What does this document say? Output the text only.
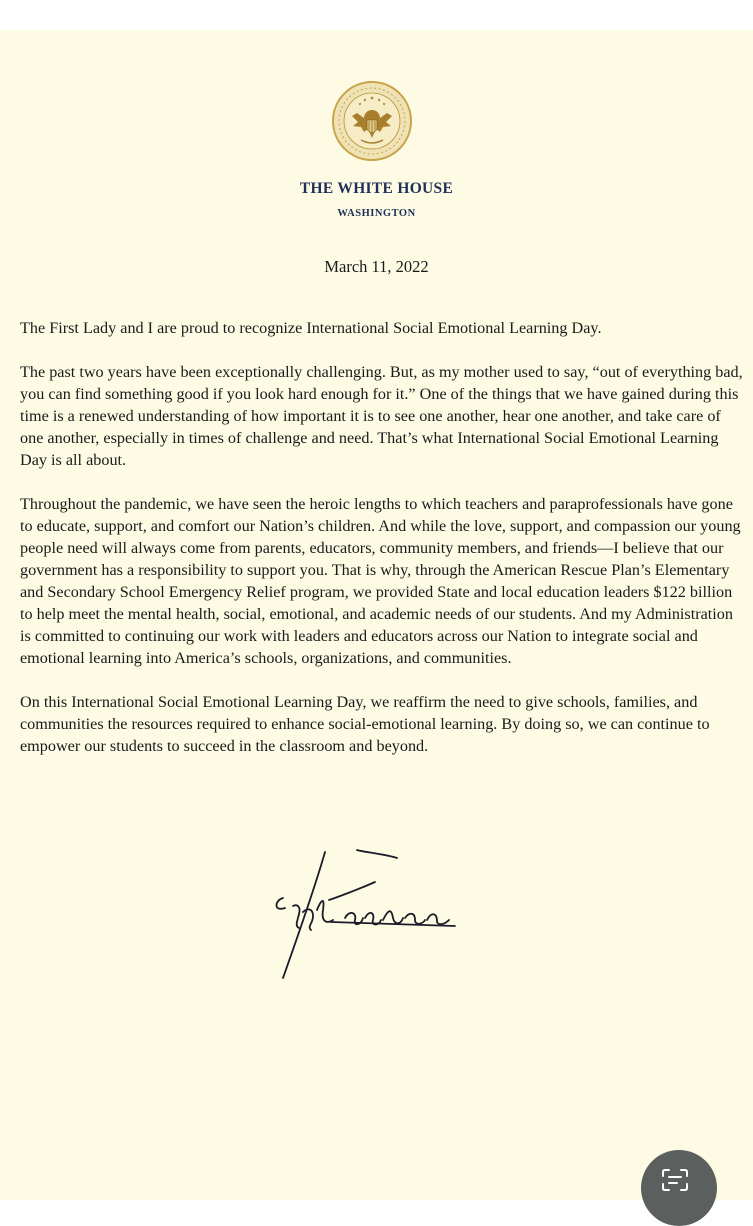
THE WHITE HOUSE
WASHINGTON
March 11, 2022

The First Lady and I are proud to recognize International Social Emotional Learning Day.

The past two years have been exceptionally challenging. But, as my mother used to say, “out of everything bad, you can find something good if you look hard enough for it.” One of the things that we have gained during this time is a renewed understanding of how important it is to see one another, hear one another, and take care of one another, especially in times of challenge and need. That’s what International Social Emotional Learning Day is all about.

Throughout the pandemic, we have seen the heroic lengths to which teachers and paraprofessionals have gone to educate, support, and comfort our Nation’s children. And while the love, support, and compassion our young people need will always come from parents, educators, community members, and friends—I believe that our government has a responsibility to support you. That is why, through the American Rescue Plan’s Elementary and Secondary School Emergency Relief program, we provided State and local education leaders $122 billion to help meet the mental health, social, emotional, and academic needs of our students. And my Administration is committed to continuing our work with leaders and educators across our Nation to integrate social and emotional learning into America’s schools, organizations, and communities.

On this International Social Emotional Learning Day, we reaffirm the need to give schools, families, and communities the resources required to enhance social-emotional learning. By doing so, we can continue to empower our students to succeed in the classroom and beyond.
